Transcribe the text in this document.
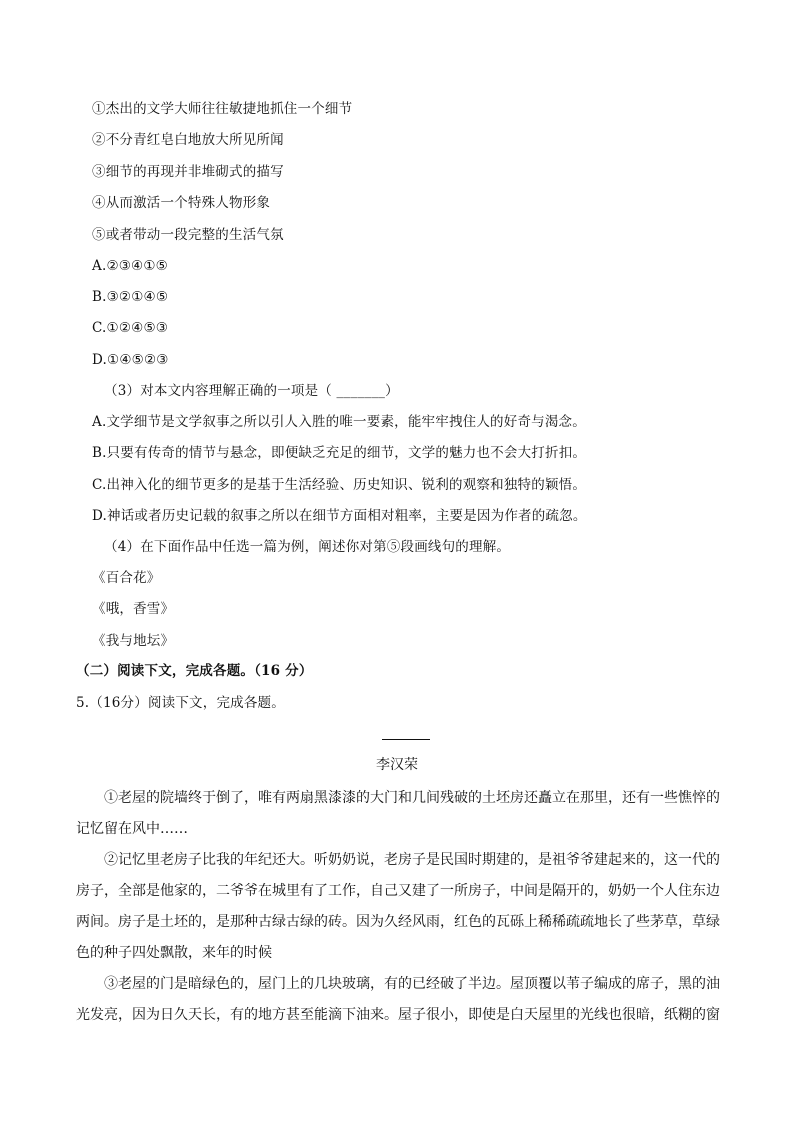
①杰出的文学大师往往敏捷地抓住一个细节
②不分青红皂白地放大所见所闻
③细节的再现并非堆砌式的描写
④从而激活一个特殊人物形象
⑤或者带动一段完整的生活气氛
A.②③④①⑤
B.③②①④⑤
C.①②④⑤③
D.①④⑤②③
（3）对本文内容理解正确的一项是（ _______）
A.文学细节是文学叙事之所以引人入胜的唯一要素，能牢牢拽住人的好奇与渴念。
B.只要有传奇的情节与悬念，即便缺乏充足的细节，文学的魅力也不会大打折扣。
C.出神入化的细节更多的是基于生活经验、历史知识、锐利的观察和独特的颖悟。
D.神话或者历史记载的叙事之所以在细节方面相对粗率，主要是因为作者的疏忽。
（4）在下面作品中任选一篇为例，阐述你对第⑤段画线句的理解。
《百合花》
《哦，香雪》
《我与地坛》
（二）阅读下文，完成各题。（16 分）
5.（16分）阅读下文，完成各题。
李汉荣
①老屋的院墙终于倒了，唯有两扇黑漆漆的大门和几间残破的土坯房还矗立在那里，还有一些憔悴的记忆留在风中……
②记忆里老房子比我的年纪还大。听奶奶说，老房子是民国时期建的，是祖爷爷建起来的，这一代的房子，全部是他家的，二爷爷在城里有了工作，自己又建了一所房子，中间是隔开的，奶奶一个人住东边两间。房子是土坯的，是那种古绿古绿的砖。因为久经风雨，红色的瓦砾上稀稀疏疏地长了些茅草，草绿色的种子四处飘散，来年的时候
③老屋的门是暗绿色的，屋门上的几块玻璃，有的已经破了半边。屋顶覆以苇子编成的席子，黑的油光发亮，因为日久天长，有的地方甚至能滴下油来。屋子很小，即使是白天屋里的光线也很暗，纸糊的窗
